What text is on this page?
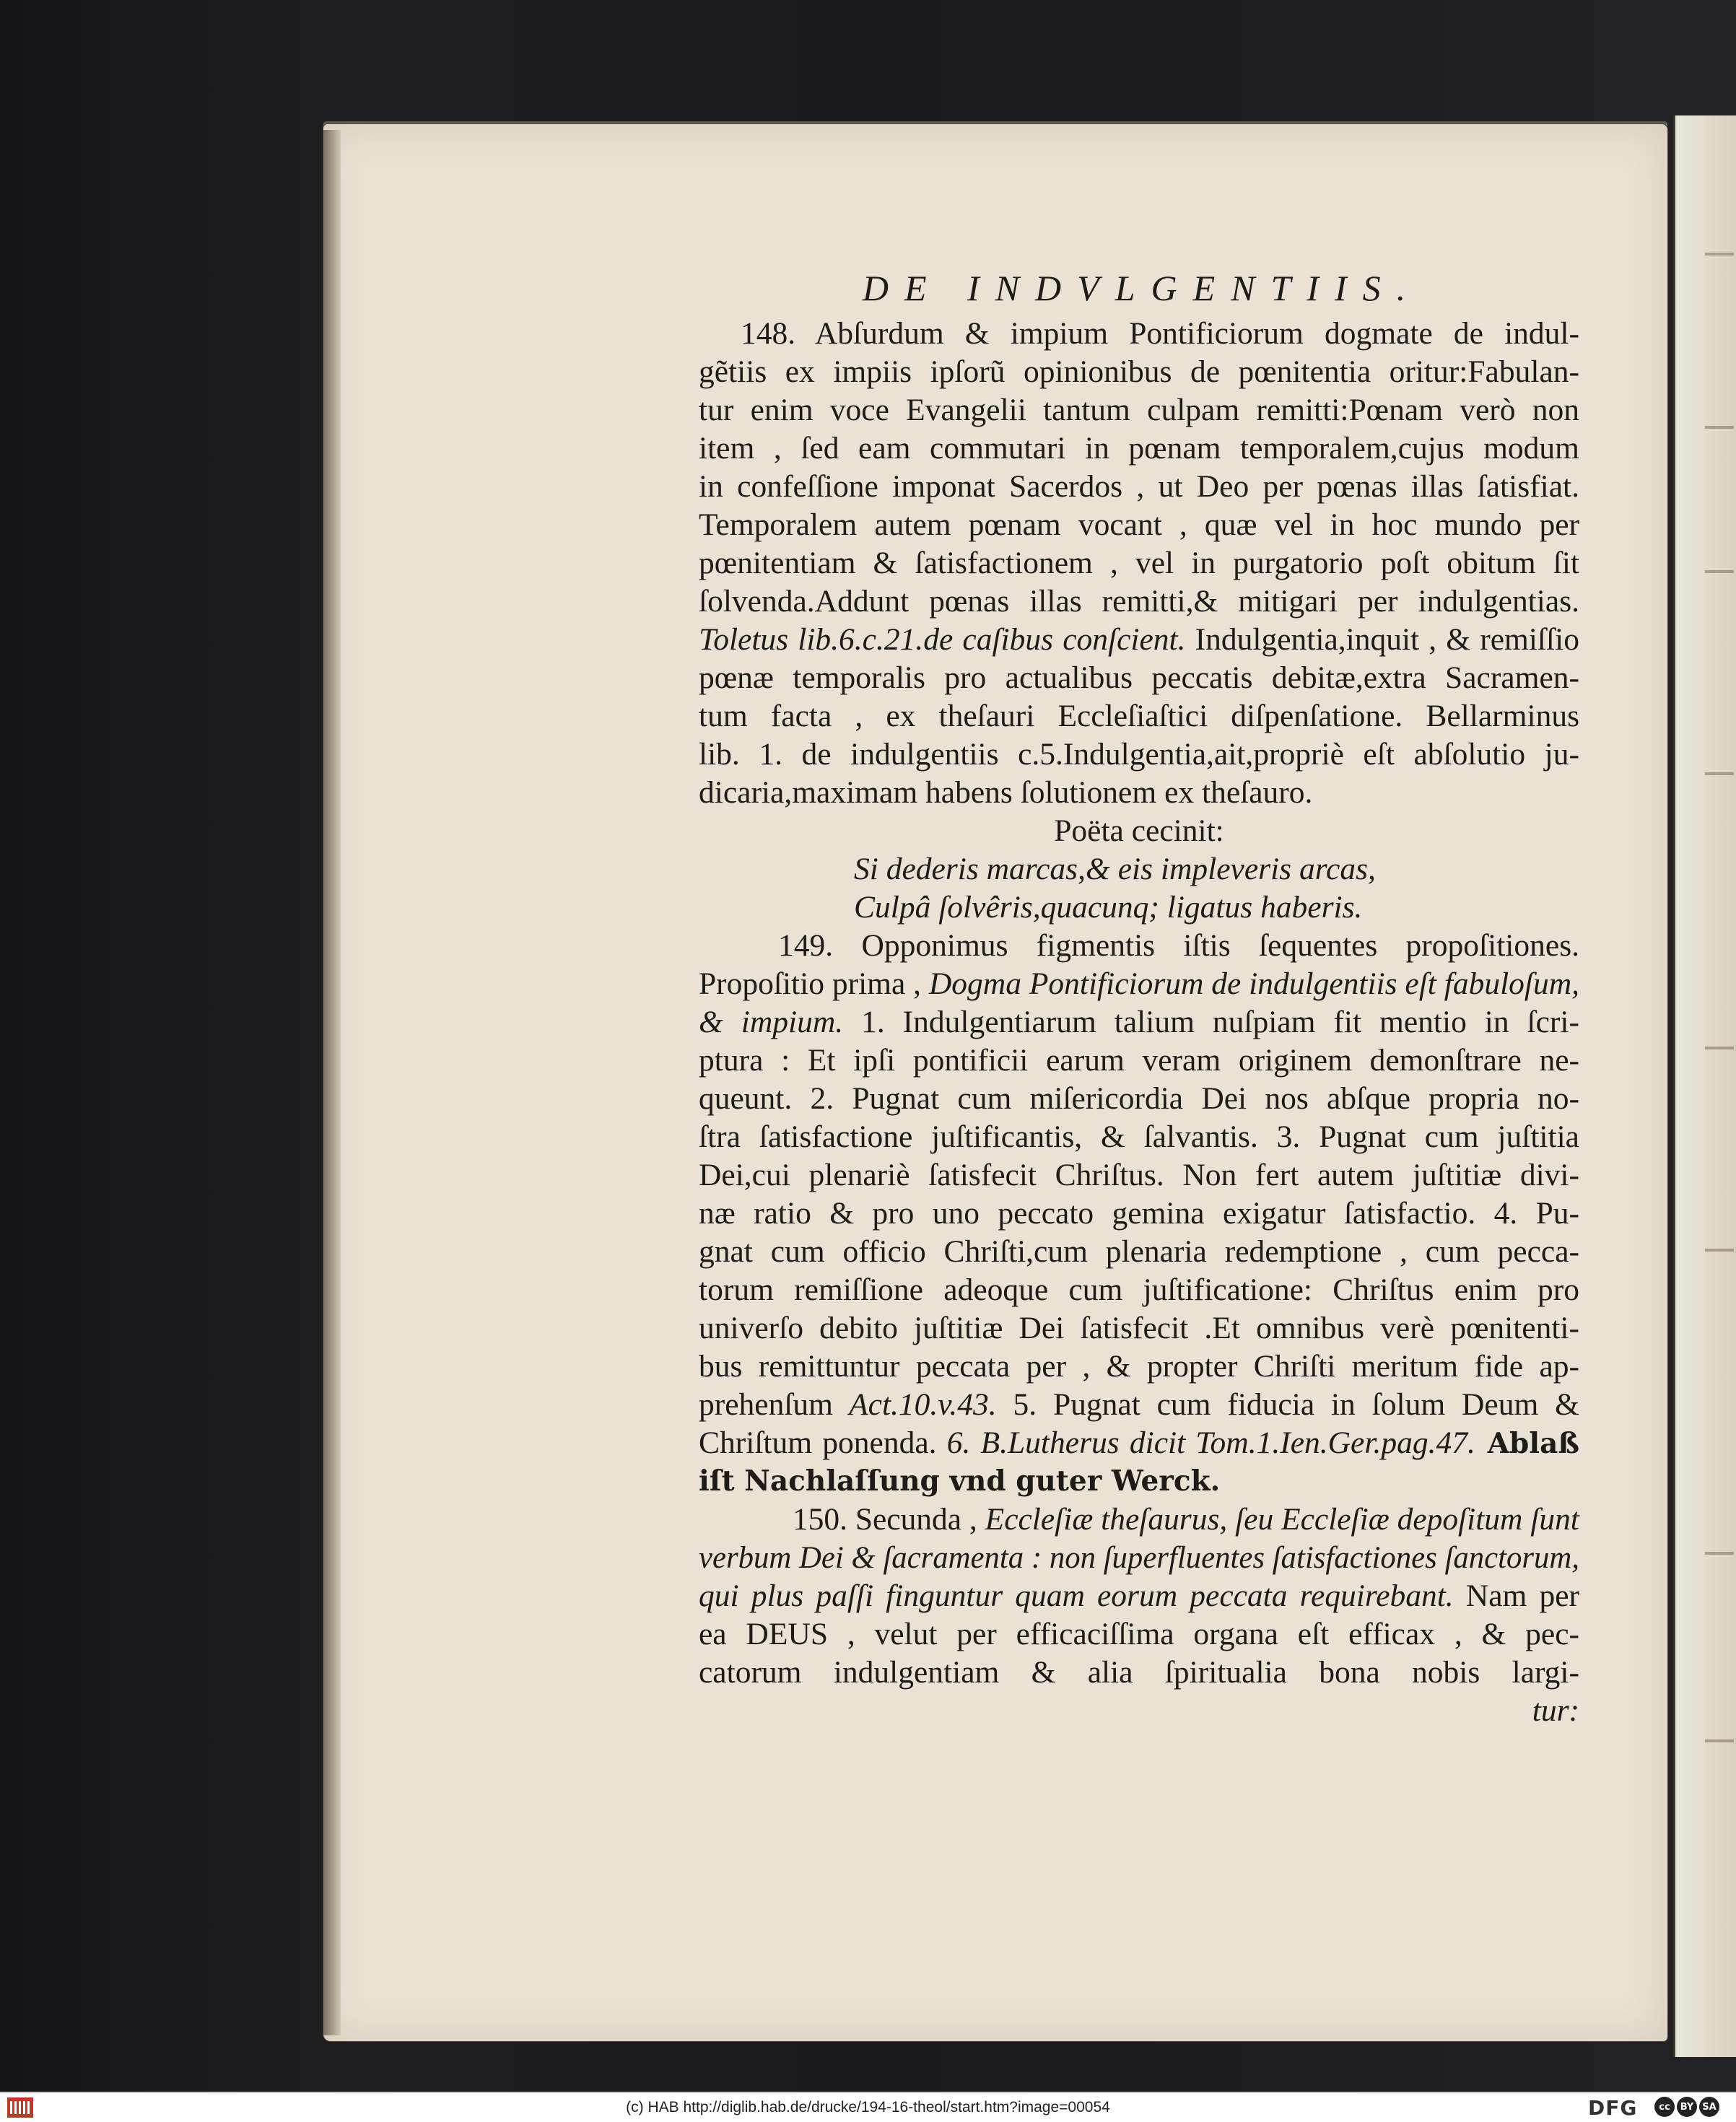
DE INDVLGENTIIS.
148. Abſurdum & impium Pontificiorum dogmate de indul-
gẽtiis ex impiis ipſorũ opinionibus de pœnitentia oritur:Fabulan-
tur enim voce Evangelii tantum culpam remitti:Pœnam verò non
item , ſed eam commutari in pœnam temporalem,cujus modum
in confeſſione imponat Sacerdos , ut Deo per pœnas illas ſatisfiat.
Temporalem autem pœnam vocant , quæ vel in hoc mundo per
pœnitentiam & ſatisfactionem , vel in purgatorio poſt obitum ſit
ſolvenda.Addunt pœnas illas remitti,& mitigari per indulgentias.
Toletus lib.6.c.21.de caſibus conſcient. Indulgentia,inquit , & remiſſio
pœnæ temporalis pro actualibus peccatis debitæ,extra Sacramen-
tum facta , ex theſauri Eccleſiaſtici diſpenſatione. Bellarminus
lib. 1. de indulgentiis c.5.Indulgentia,ait,propriè eſt abſolutio ju-
dicaria,maximam habens ſolutionem ex theſauro.
Poëta cecinit:
Si dederis marcas,& eis impleveris arcas,
Culpâ ſolvêris,quacunq; ligatus haberis.
149. Opponimus figmentis iſtis ſequentes propoſitiones.
Propoſitio prima , Dogma Pontificiorum de indulgentiis eſt fabuloſum,
& impium. 1. Indulgentiarum talium nuſpiam fit mentio in ſcri-
ptura : Et ipſi pontificii earum veram originem demonſtrare ne-
queunt. 2. Pugnat cum miſericordia Dei nos abſque propria no-
ſtra ſatisfactione juſtificantis, & ſalvantis. 3. Pugnat cum juſtitia
Dei,cui plenariè ſatisfecit Chriſtus. Non fert autem juſtitiæ divi-
næ ratio & pro uno peccato gemina exigatur ſatisfactio. 4. Pu-
gnat cum officio Chriſti,cum plenaria redemptione , cum pecca-
torum remiſſione adeoque cum juſtificatione: Chriſtus enim pro
univerſo debito juſtitiæ Dei ſatisfecit .Et omnibus verè pœnitenti-
bus remittuntur peccata per , & propter Chriſti meritum fide ap-
prehenſum Act.10.v.43. 5. Pugnat cum fiducia in ſolum Deum &
Chriſtum ponenda. 6. B.Lutherus dicit Tom.1.Ien.Ger.pag.47. Ablaß
iſt Nachlaſſung vnd guter Werck.
150. Secunda , Eccleſiæ theſaurus, ſeu Eccleſiæ depoſitum ſunt
verbum Dei & ſacramenta : non ſuperfluentes ſatisfactiones ſanctorum,
qui plus paſſi finguntur quam eorum peccata requirebant. Nam per
ea DEUS , velut per efficaciſſima organa eſt efficax , & pec-
catorum indulgentiam & alia ſpiritualia bona nobis largi-
tur:
(c) HAB http://diglib.hab.de/drucke/194-16-theol/start.htm?image=00054	DFG	cc	BY SA
